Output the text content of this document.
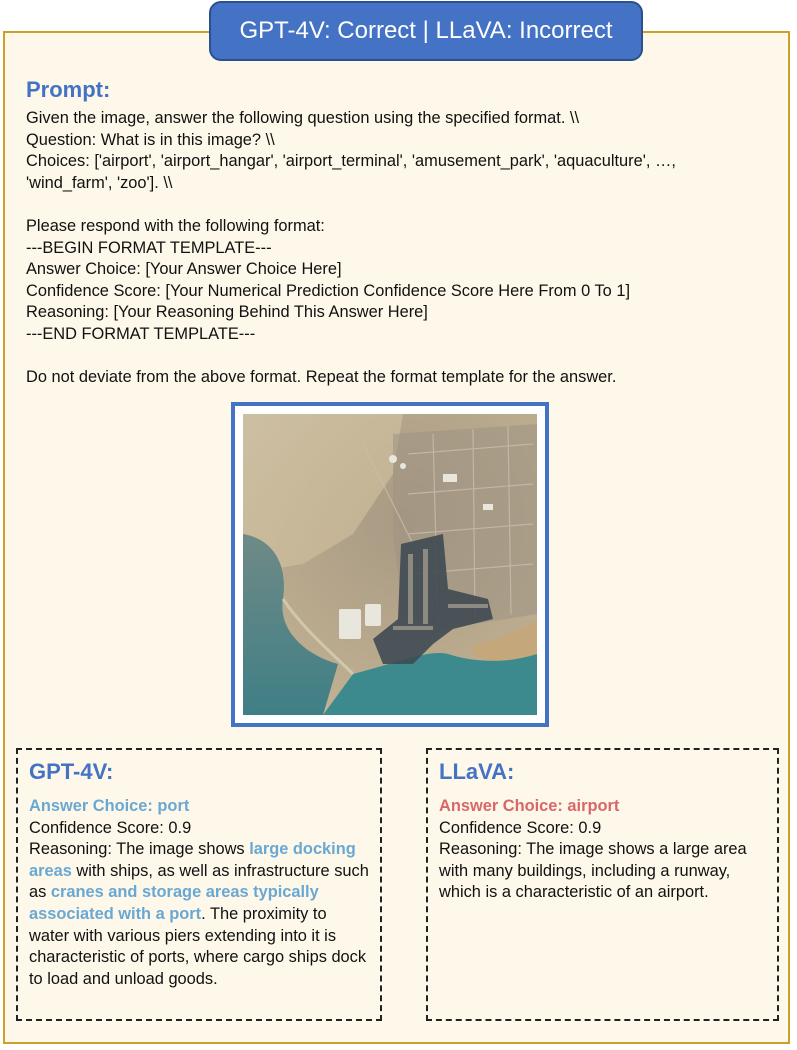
GPT-4V: Correct | LLaVA: Incorrect
Prompt:
Given the image, answer the following question using the specified format. \\
Question: What is in this image? \\
Choices: ['airport', 'airport_hangar', 'airport_terminal', 'amusement_park', 'aquaculture', …,
'wind_farm', 'zoo']. \\
Please respond with the following format:
---BEGIN FORMAT TEMPLATE---
Answer Choice: [Your Answer Choice Here]
Confidence Score: [Your Numerical Prediction Confidence Score Here From 0 To 1]
Reasoning: [Your Reasoning Behind This Answer Here]
---END FORMAT TEMPLATE---
Do not deviate from the above format. Repeat the format template for the answer.
GPT-4V:
Answer Choice: port
Confidence Score: 0.9
Reasoning: The image shows large docking areas with ships, as well as infrastructure such as cranes and storage areas typically associated with a port. The proximity to water with various piers extending into it is characteristic of ports, where cargo ships dock to load and unload goods.
LLaVA:
Answer Choice: airport
Confidence Score: 0.9
Reasoning: The image shows a large area with many buildings, including a runway, which is a characteristic of an airport.
